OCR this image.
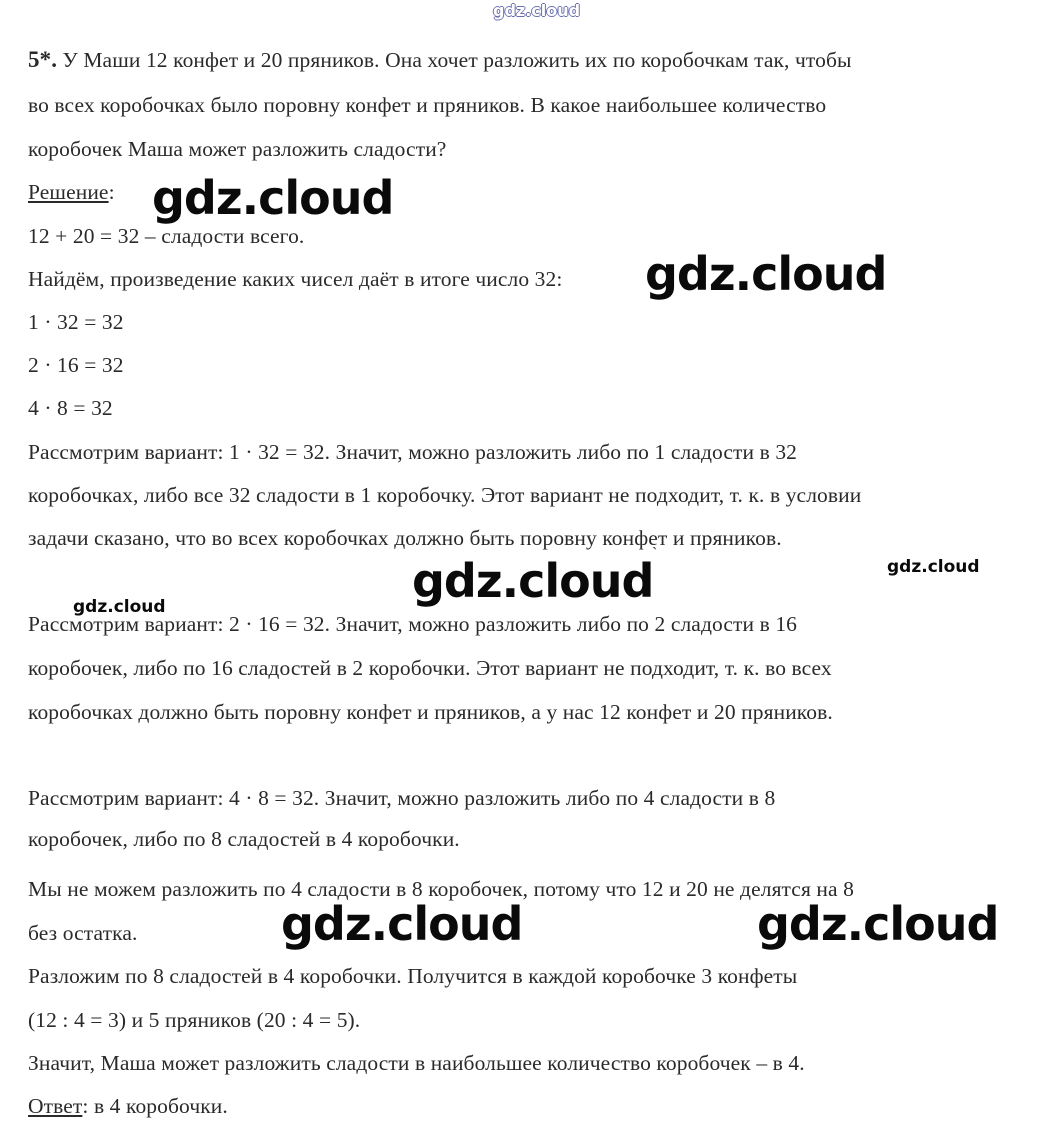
gdz.cloud

5*. У Маши 12 конфет и 20 пряников. Она хочет разложить их по коробочкам так, чтобы

во всех коробочках было поровну конфет и пряников. В какое наибольшее количество

коробочек Маша может разложить сладости?

Решение:

12 + 20 = 32 – сладости всего.

Найдём, произведение каких чисел даёт в итоге число 32:

1 · 32 = 32

2 · 16 = 32

4 · 8 = 32

Рассмотрим вариант: 1 · 32 = 32. Значит, можно разложить либо по 1 сладости в 32

коробочках, либо все 32 сладости в 1 коробочку. Этот вариант не подходит, т. к. в условии

задачи сказано, что во всех коробочках должно быть поровну конфет и пряников.

`

Рассмотрим вариант: 2 · 16 = 32. Значит, можно разложить либо по 2 сладости в 16

коробочек, либо по 16 сладостей в 2 коробочки. Этот вариант не подходит, т. к. во всех

коробочках должно быть поровну конфет и пряников, а у нас 12 конфет и 20 пряников.

Рассмотрим вариант: 4 · 8 = 32. Значит, можно разложить либо по 4 сладости в 8

коробочек, либо по 8 сладостей в 4 коробочки.

Мы не можем разложить по 4 сладости в 8 коробочек, потому что 12 и 20 не делятся на 8

без остатка.

Разложим по 8 сладостей в 4 коробочки. Получится в каждой коробочке 3 конфеты

(12 : 4 = 3) и 5 пряников (20 : 4 = 5).

Значит, Маша может разложить сладости в наибольшее количество коробочек – в 4.

Ответ: в 4 коробочки.

gdz.cloud
gdz.cloud
gdz.cloud	gdz.cloud
gdz.cloud
gdz.cloud	gdz.cloud
